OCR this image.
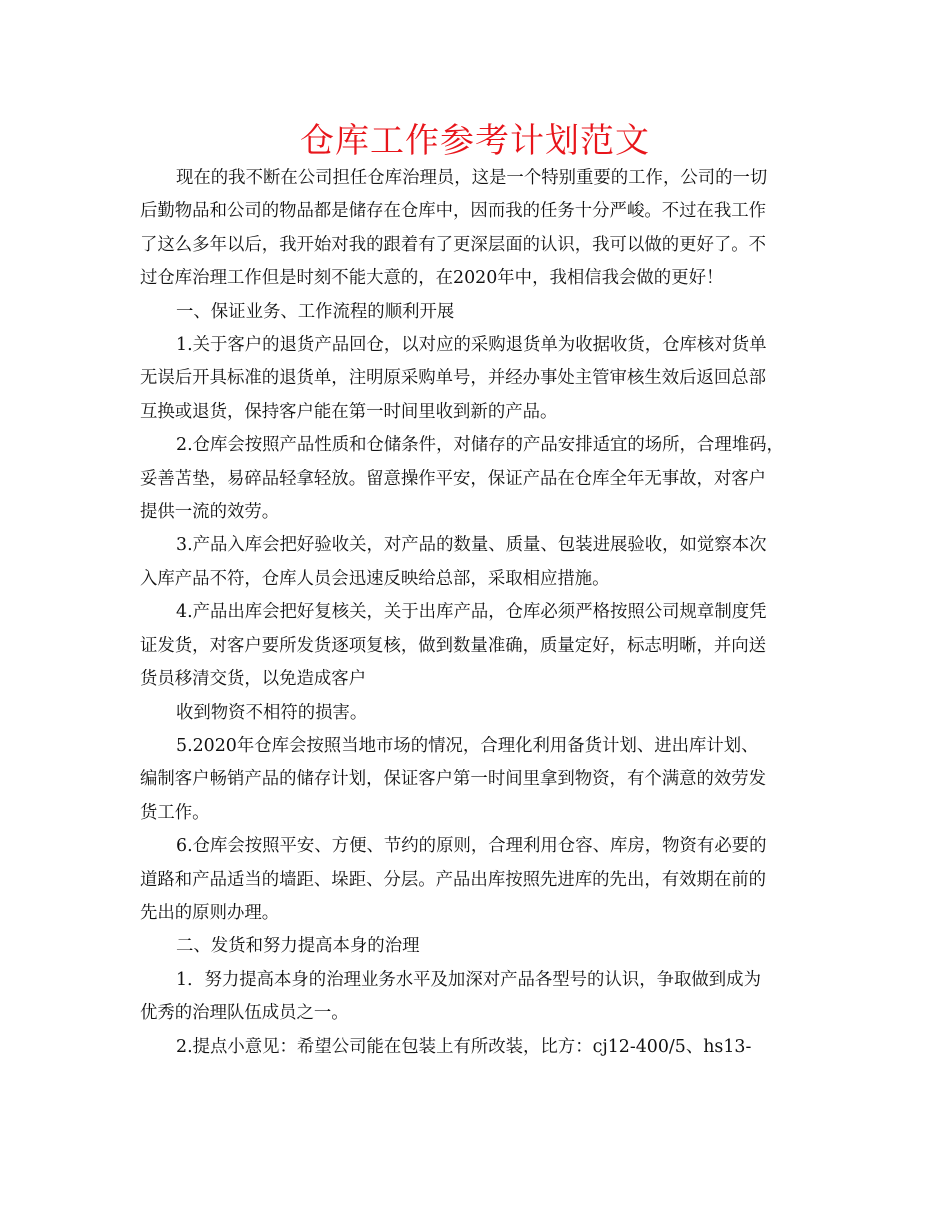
仓库工作参考计划范文
现在的我不断在公司担任仓库治理员，这是一个特别重要的工作，公司的一切
后勤物品和公司的物品都是储存在仓库中，因而我的任务十分严峻。不过在我工作
了这么多年以后，我开始对我的跟着有了更深层面的认识，我可以做的更好了。不
过仓库治理工作但是时刻不能大意的，在2020年中，我相信我会做的更好！
一、保证业务、工作流程的顺利开展
1.关于客户的退货产品回仓，以对应的采购退货单为收据收货，仓库核对货单
无误后开具标准的退货单，注明原采购单号，并经办事处主管审核生效后返回总部
互换或退货，保持客户能在第一时间里收到新的产品。
2.仓库会按照产品性质和仓储条件，对储存的产品安排适宜的场所，合理堆码，
妥善苫垫，易碎品轻拿轻放。留意操作平安，保证产品在仓库全年无事故，对客户
提供一流的效劳。
3.产品入库会把好验收关，对产品的数量、质量、包装进展验收，如觉察本次
入库产品不符，仓库人员会迅速反映给总部，采取相应措施。
4.产品出库会把好复核关，关于出库产品，仓库必须严格按照公司规章制度凭
证发货，对客户要所发货逐项复核，做到数量准确，质量定好，标志明晰，并向送
货员移清交货，以免造成客户
收到物资不相符的损害。
5.2020年仓库会按照当地市场的情况，合理化利用备货计划、进出库计划、
编制客户畅销产品的储存计划，保证客户第一时间里拿到物资，有个满意的效劳发
货工作。
6.仓库会按照平安、方便、节约的原则，合理利用仓容、库房，物资有必要的
道路和产品适当的墙距、垛距、分层。产品出库按照先进库的先出，有效期在前的
先出的原则办理。
二、发货和努力提高本身的治理
1．努力提高本身的治理业务水平及加深对产品各型号的认识，争取做到成为
优秀的治理队伍成员之一。
2.提点小意见：希望公司能在包装上有所改装，比方：cj12-400/5、hs13-
